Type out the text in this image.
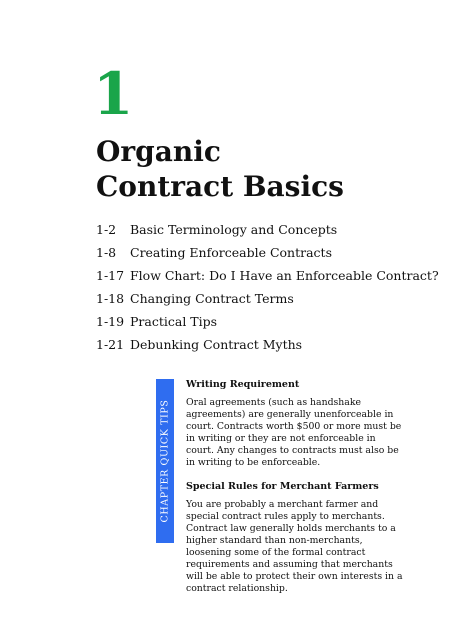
1
Organic
Contract Basics
1-2	Basic Terminology and Concepts
1-8	Creating Enforceable Contracts
1-17 Flow Chart: Do I Have an Enforceable Contract?
1-18 Changing Contract Terms
1-19 Practical Tips
1-21 Debunking Contract Myths
CHAPTER QUICK TIPS
Writing Requirement

Oral agreements (such as handshake agreements) are generally unenforceable in court. Contracts worth $500 or more must be in writing or they are not enforceable in court. Any changes to contracts must also be in writing to be enforceable.

Special Rules for Merchant Farmers

You are probably a merchant farmer and special contract rules apply to merchants. Contract law generally holds merchants to a higher standard than non-merchants, loosening some of the formal contract requirements and assuming that merchants will be able to protect their own interests in a contract relationship.
